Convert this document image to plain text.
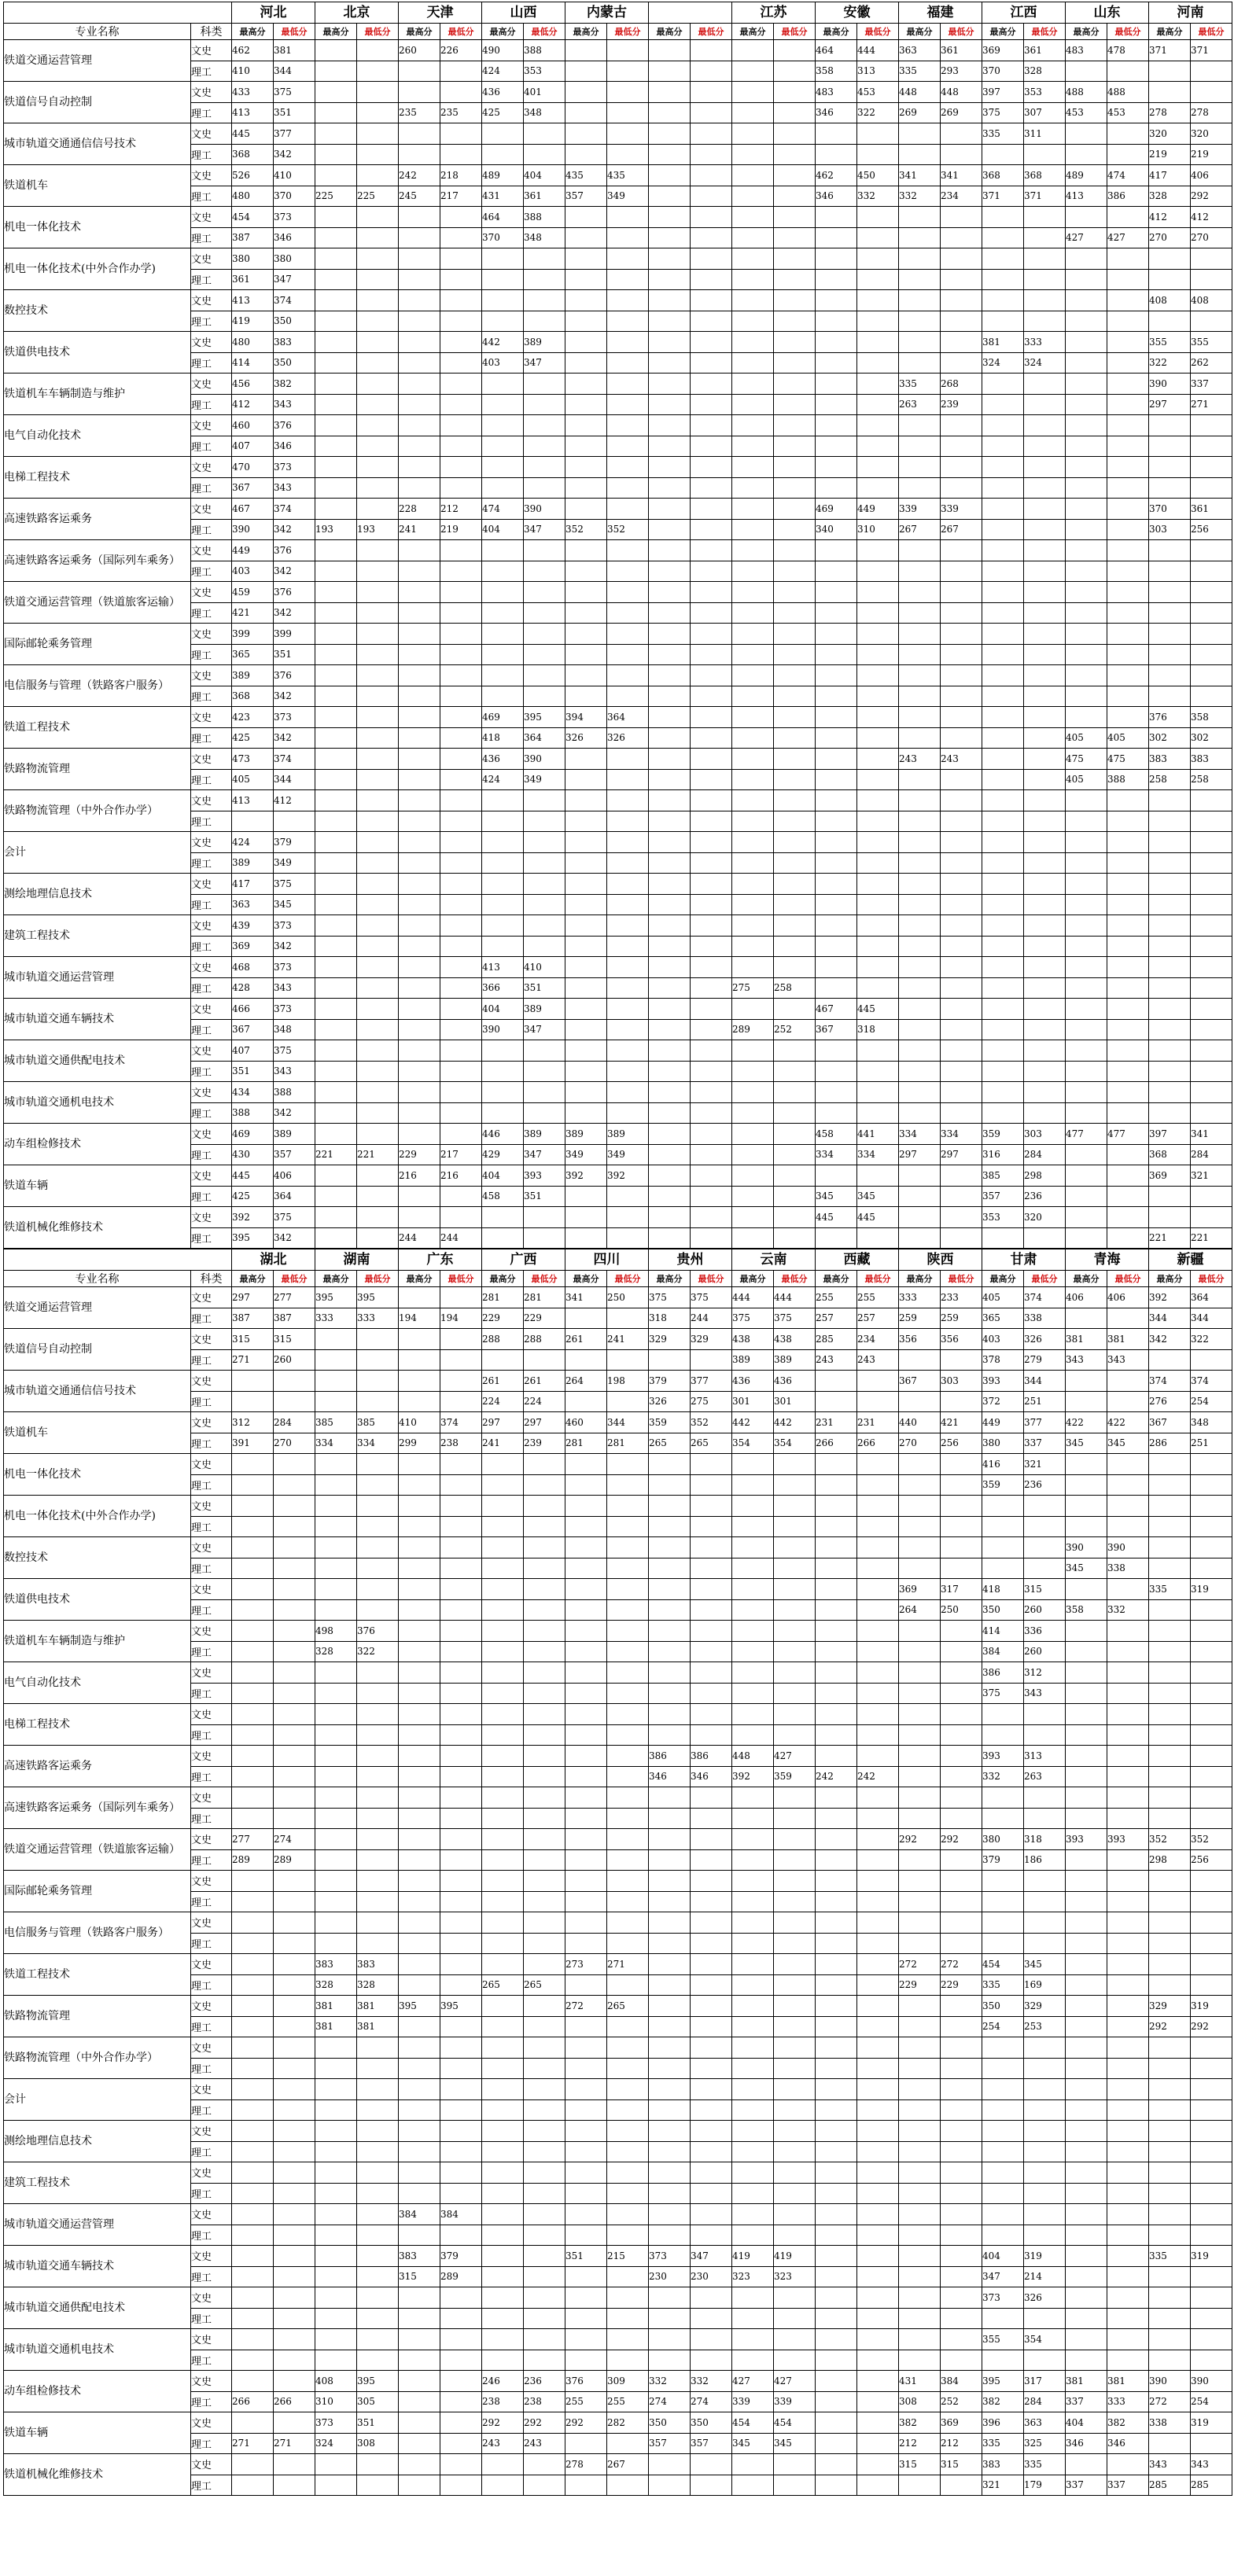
		河北		北京		天津		山西		内蒙古				江苏		安徽		福建		江西		山东		河南	
专业名称	科类	最高分	最低分	最高分	最低分	最高分	最低分	最高分	最低分	最高分	最低分	最高分	最低分	最高分	最低分	最高分	最低分	最高分	最低分	最高分	最低分	最高分	最低分	最高分	最低分
铁道交通运营管理	文史	462	381			260	226	490	388							464	444	363	361	369	361	483	478	371	371
	理工	410	344					424	353							358	313	335	293	370	328				
铁道信号自动控制	文史	433	375					436	401							483	453	448	448	397	353	488	488		
	理工	413	351			235	235	425	348							346	322	269	269	375	307	453	453	278	278
城市轨道交通通信信号技术	文史	445	377																	335	311			320	320
	理工	368	342																					219	219
铁道机车	文史	526	410			242	218	489	404	435	435					462	450	341	341	368	368	489	474	417	406
	理工	480	370	225	225	245	217	431	361	357	349					346	332	332	234	371	371	413	386	328	292
机电一体化技术	文史	454	373					464	388															412	412
	理工	387	346					370	348													427	427	270	270
机电一体化技术(中外合作办学)	文史	380	380																						
	理工	361	347																						
数控技术	文史	413	374																					408	408
	理工	419	350																						
铁道供电技术	文史	480	383					442	389											381	333			355	355
	理工	414	350					403	347											324	324			322	262
铁道机车车辆制造与维护	文史	456	382															335	268					390	337
	理工	412	343															263	239					297	271
电气自动化技术	文史	460	376																						
	理工	407	346																						
电梯工程技术	文史	470	373																						
	理工	367	343																						
高速铁路客运乘务	文史	467	374			228	212	474	390							469	449	339	339					370	361
	理工	390	342	193	193	241	219	404	347	352	352					340	310	267	267					303	256
高速铁路客运乘务（国际列车乘务）	文史	449	376																						
	理工	403	342																						
铁道交通运营管理（铁道旅客运输）	文史	459	376																						
	理工	421	342																						
国际邮轮乘务管理	文史	399	399																						
	理工	365	351																						
电信服务与管理（铁路客户服务）	文史	389	376																						
	理工	368	342																						
铁道工程技术	文史	423	373					469	395	394	364													376	358
	理工	425	342					418	364	326	326											405	405	302	302
铁路物流管理	文史	473	374					436	390									243	243			475	475	383	383
	理工	405	344					424	349													405	388	258	258
铁路物流管理（中外合作办学）	文史	413	412																						
	理工																								
会计	文史	424	379																						
	理工	389	349																						
测绘地理信息技术	文史	417	375																						
	理工	363	345																						
建筑工程技术	文史	439	373																						
	理工	369	342																						
城市轨道交通运营管理	文史	468	373					413	410																
	理工	428	343					366	351					275	258										
城市轨道交通车辆技术	文史	466	373					404	389							467	445								
	理工	367	348					390	347					289	252	367	318								
城市轨道交通供配电技术	文史	407	375																						
	理工	351	343																						
城市轨道交通机电技术	文史	434	388																						
	理工	388	342																						
动车组检修技术	文史	469	389					446	389	389	389					458	441	334	334	359	303	477	477	397	341
	理工	430	357	221	221	229	217	429	347	349	349					334	334	297	297	316	284			368	284
铁道车辆	文史	445	406			216	216	404	393	392	392									385	298			369	321
	理工	425	364					458	351							345	345			357	236				
铁道机械化维修技术	文史	392	375													445	445			353	320				
	理工	395	342			244	244																	221	221
		湖北		湖南		广东		广西		四川		贵州		云南		西藏		陕西		甘肃		青海		新疆	
专业名称	科类	最高分	最低分	最高分	最低分	最高分	最低分	最高分	最低分	最高分	最低分	最高分	最低分	最高分	最低分	最高分	最低分	最高分	最低分	最高分	最低分	最高分	最低分	最高分	最低分
铁道交通运营管理	文史	297	277	395	395			281	281	341	250	375	375	444	444	255	255	333	233	405	374	406	406	392	364
	理工	387	387	333	333	194	194	229	229			318	244	375	375	257	257	259	259	365	338			344	344
铁道信号自动控制	文史	315	315					288	288	261	241	329	329	438	438	285	234	356	356	403	326	381	381	342	322
	理工	271	260											389	389	243	243			378	279	343	343		
城市轨道交通通信信号技术	文史							261	261	264	198	379	377	436	436			367	303	393	344			374	374
	理工							224	224			326	275	301	301					372	251			276	254
铁道机车	文史	312	284	385	385	410	374	297	297	460	344	359	352	442	442	231	231	440	421	449	377	422	422	367	348
	理工	391	270	334	334	299	238	241	239	281	281	265	265	354	354	266	266	270	256	380	337	345	345	286	251
机电一体化技术	文史																			416	321				
	理工																			359	236				
机电一体化技术(中外合作办学)	文史																								
	理工																								
数控技术	文史																					390	390		
	理工																					345	338		
铁道供电技术	文史																	369	317	418	315			335	319
	理工																	264	250	350	260	358	332		
铁道机车车辆制造与维护	文史			498	376															414	336				
	理工			328	322															384	260				
电气自动化技术	文史																			386	312				
	理工																			375	343				
电梯工程技术	文史																								
	理工																								
高速铁路客运乘务	文史											386	386	448	427					393	313				
	理工											346	346	392	359	242	242			332	263				
高速铁路客运乘务（国际列车乘务）	文史																								
	理工																								
铁道交通运营管理（铁道旅客运输）	文史	277	274															292	292	380	318	393	393	352	352
	理工	289	289																	379	186			298	256
国际邮轮乘务管理	文史																								
	理工																								
电信服务与管理（铁路客户服务）	文史																								
	理工																								
铁道工程技术	文史			383	383					273	271							272	272	454	345				
	理工			328	328			265	265									229	229	335	169				
铁路物流管理	文史			381	381	395	395			272	265									350	329			329	319
	理工			381	381															254	253			292	292
铁路物流管理（中外合作办学）	文史																								
	理工																								
会计	文史																								
	理工																								
测绘地理信息技术	文史																								
	理工																								
建筑工程技术	文史																								
	理工																								
城市轨道交通运营管理	文史					384	384																		
	理工																								
城市轨道交通车辆技术	文史					383	379			351	215	373	347	419	419					404	319			335	319
	理工					315	289					230	230	323	323					347	214				
城市轨道交通供配电技术	文史																			373	326				
	理工																								
城市轨道交通机电技术	文史																			355	354				
	理工																								
动车组检修技术	文史			408	395			246	236	376	309	332	332	427	427			431	384	395	317	381	381	390	390
	理工	266	266	310	305			238	238	255	255	274	274	339	339			308	252	382	284	337	333	272	254
铁道车辆	文史			373	351			292	292	292	282	350	350	454	454			382	369	396	363	404	382	338	319
	理工	271	271	324	308			243	243			357	357	345	345			212	212	335	325	346	346		
铁道机械化维修技术	文史									278	267							315	315	383	335			343	343
	理工																			321	179	337	337	285	285
